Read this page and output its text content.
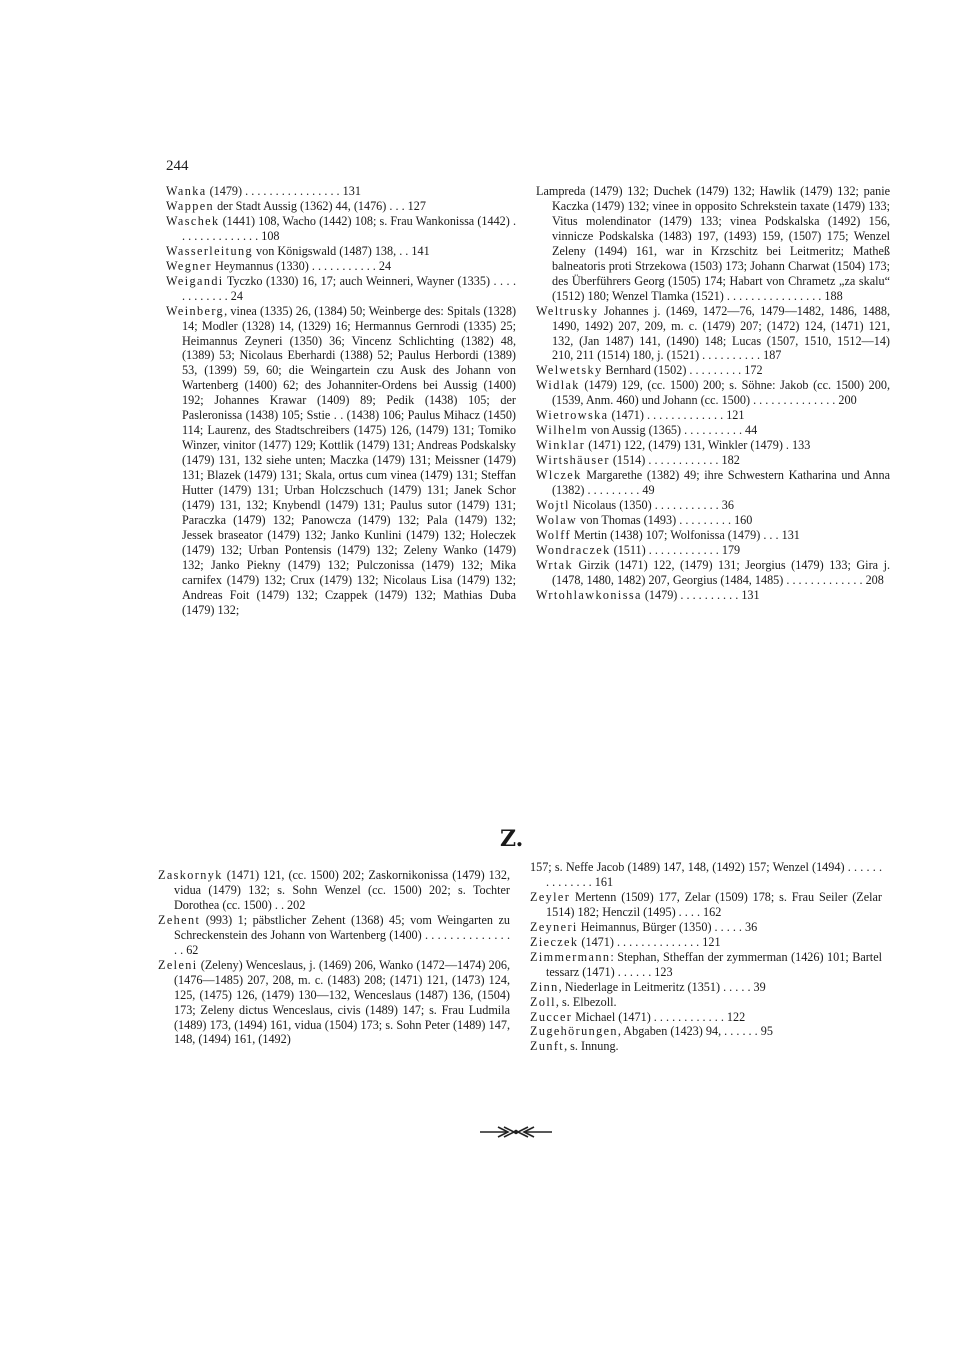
244

Wanka (1479) . . . . . . . . . . . . . . . . 131

Wappen der Stadt Aussig (1362) 44, (1476) . . . 127

Waschek (1441) 108, Wacho (1442) 108; s. Frau Wankonissa (1442) . . . . . . . . . . . . . . 108

Wasserleitung von Königswald (1487) 138, . . 141

Wegner Heymannus (1330) . . . . . . . . . . . 24

Weigandi Tyczko (1330) 16, 17; auch Weinneri, Wayner (1335) . . . . . . . . . . . . 24

Weinberg, vinea (1335) 26, (1384) 50; Weinberge des: Spitals (1328) 14; Modler (1328) 14, (1329) 16; Hermannus Gernrodi (1335) 25; Heimannus Zeyneri (1350) 36; Vincenz Schlichting (1382) 48, (1389) 53; Nicolaus Eberhardi (1388) 52; Paulus Herbordi (1389) 53, (1399) 59, 60; die Weingartein czu Ausk des Johann von Wartenberg (1400) 62; des Johanniter-Ordens bei Aussig (1400) 192; Johannes Krawar (1409) 89; Pedik (1438) 105; der Pasleronissa (1438) 105; Sstie . . (1438) 106; Paulus Mihacz (1450) 114; Laurenz, des Stadtschreibers (1475) 126, (1479) 131; Tomiko Winzer, vinitor (1477) 129; Kottlik (1479) 131; Andreas Podskalsky (1479) 131, 132 siehe unten; Maczka (1479) 131; Meissner (1479) 131; Blazek (1479) 131; Skala, ortus cum vinea (1479) 131; Steffan Hutter (1479) 131; Urban Holczschuch (1479) 131; Janek Schor (1479) 131, 132; Knybendl (1479) 131; Paulus sutor (1479) 131; Paraczka (1479) 132; Panowcza (1479) 132; Pala (1479) 132; Jessek braseator (1479) 132; Janko Kunlini (1479) 132; Holeczek (1479) 132; Urban Pontensis (1479) 132; Zeleny Wanko (1479) 132; Janko Piekny (1479) 132; Pulczonissa (1479) 132; Mika carnifex (1479) 132; Crux (1479) 132; Nicolaus Lisa (1479) 132; Andreas Foit (1479) 132; Czappek (1479) 132; Mathias Duba (1479) 132;

Lampreda (1479) 132; Duchek (1479) 132; Hawlik (1479) 132; panie Kaczka (1479) 132; vinee in opposito Schrekstein taxate (1479) 133; Vitus molendinator (1479) 133; vinea Podskalska (1492) 156, vinnicze Podskalska (1483) 197, (1493) 159, (1507) 175; Wenzel Zeleny (1494) 161, war in Krzschitz bei Leitmeritz; Matheß balneatoris proti Strzekowa (1503) 173; Johann Charwat (1504) 173; des Überführers Georg (1505) 174; Habart von Chrametz „za skalu“ (1512) 180; Wenzel Tlamka (1521) . . . . . . . . . . . . . . . . 188

Weltrusky Johannes j. (1469, 1472—76, 1479—1482, 1486, 1488, 1490, 1492) 207, 209, m. c. (1479) 207; (1472) 124, (1471) 121, 132, (Jan 1487) 141, (1490) 148; Lucas (1507, 1510, 1512—14) 210, 211 (1514) 180, j. (1521) . . . . . . . . . . 187

Welwetsky Bernhard (1502) . . . . . . . . . 172

Widlak (1479) 129, (cc. 1500) 200; s. Söhne: Jakob (cc. 1500) 200, (1539, Anm. 460) und Johann (cc. 1500) . . . . . . . . . . . . . . 200

Wietrowska (1471) . . . . . . . . . . . . . 121

Wilhelm von Aussig (1365) . . . . . . . . . . 44

Winklar (1471) 122, (1479) 131, Winkler (1479) . 133

Wirtshäuser (1514) . . . . . . . . . . . . 182

Wlczek Margarethe (1382) 49; ihre Schwestern Katharina und Anna (1382) . . . . . . . . . 49

Wojtl Nicolaus (1350) . . . . . . . . . . . 36

Wolaw von Thomas (1493) . . . . . . . . . 160

Wolff Mertin (1438) 107; Wolfonissa (1479) . . . 131

Wondraczek (1511) . . . . . . . . . . . . 179

Wrtak Girzik (1471) 122, (1479) 131; Jeorgius (1479) 133; Gira j. (1478, 1480, 1482) 207, Georgius (1484, 1485) . . . . . . . . . . . . . 208

Wrtohlawkonissa (1479) . . . . . . . . . . 131

Z.

Zaskornyk (1471) 121, (cc. 1500) 202; Zaskornikonissa (1479) 132, vidua (1479) 132; s. Sohn Wenzel (cc. 1500) 202; s. Tochter Dorothea (cc. 1500) . . 202

Zehent (993) 1; päbstlicher Zehent (1368) 45; vom Weingarten zu Schreckenstein des Johann von Wartenberg (1400) . . . . . . . . . . . . . . . . 62

Zeleni (Zeleny) Wenceslaus, j. (1469) 206, Wanko (1472—1474) 206, (1476—1485) 207, 208, m. c. (1483) 208; (1471) 121, (1473) 124, 125, (1475) 126, (1479) 130—132, Wenceslaus (1487) 136, (1504) 173; Zeleny dictus Wenceslaus, civis (1489) 147; s. Frau Ludmila (1489) 173, (1494) 161, vidua (1504) 173; s. Sohn Peter (1489) 147, 148, (1494) 161, (1492)

157; s. Neffe Jacob (1489) 147, 148, (1492) 157; Wenzel (1494) . . . . . . . . . . . . . . 161

Zeyler Mertenn (1509) 177, Zelar (1509) 178; s. Frau Seiler (Zelar 1514) 182; Henczil (1495) . . . . 162

Zeyneri Heimannus, Bürger (1350) . . . . . 36

Zieczek (1471) . . . . . . . . . . . . . . 121

Zimmermann: Stephan, Stheffan der zymmerman (1426) 101; Bartel tessarz (1471) . . . . . . 123

Zinn, Niederlage in Leitmeritz (1351) . . . . . 39

Zoll, s. Elbezoll.

Zuccer Michael (1471) . . . . . . . . . . . . 122

Zugehörungen, Abgaben (1423) 94, . . . . . . 95

Zunft, s. Innung.
